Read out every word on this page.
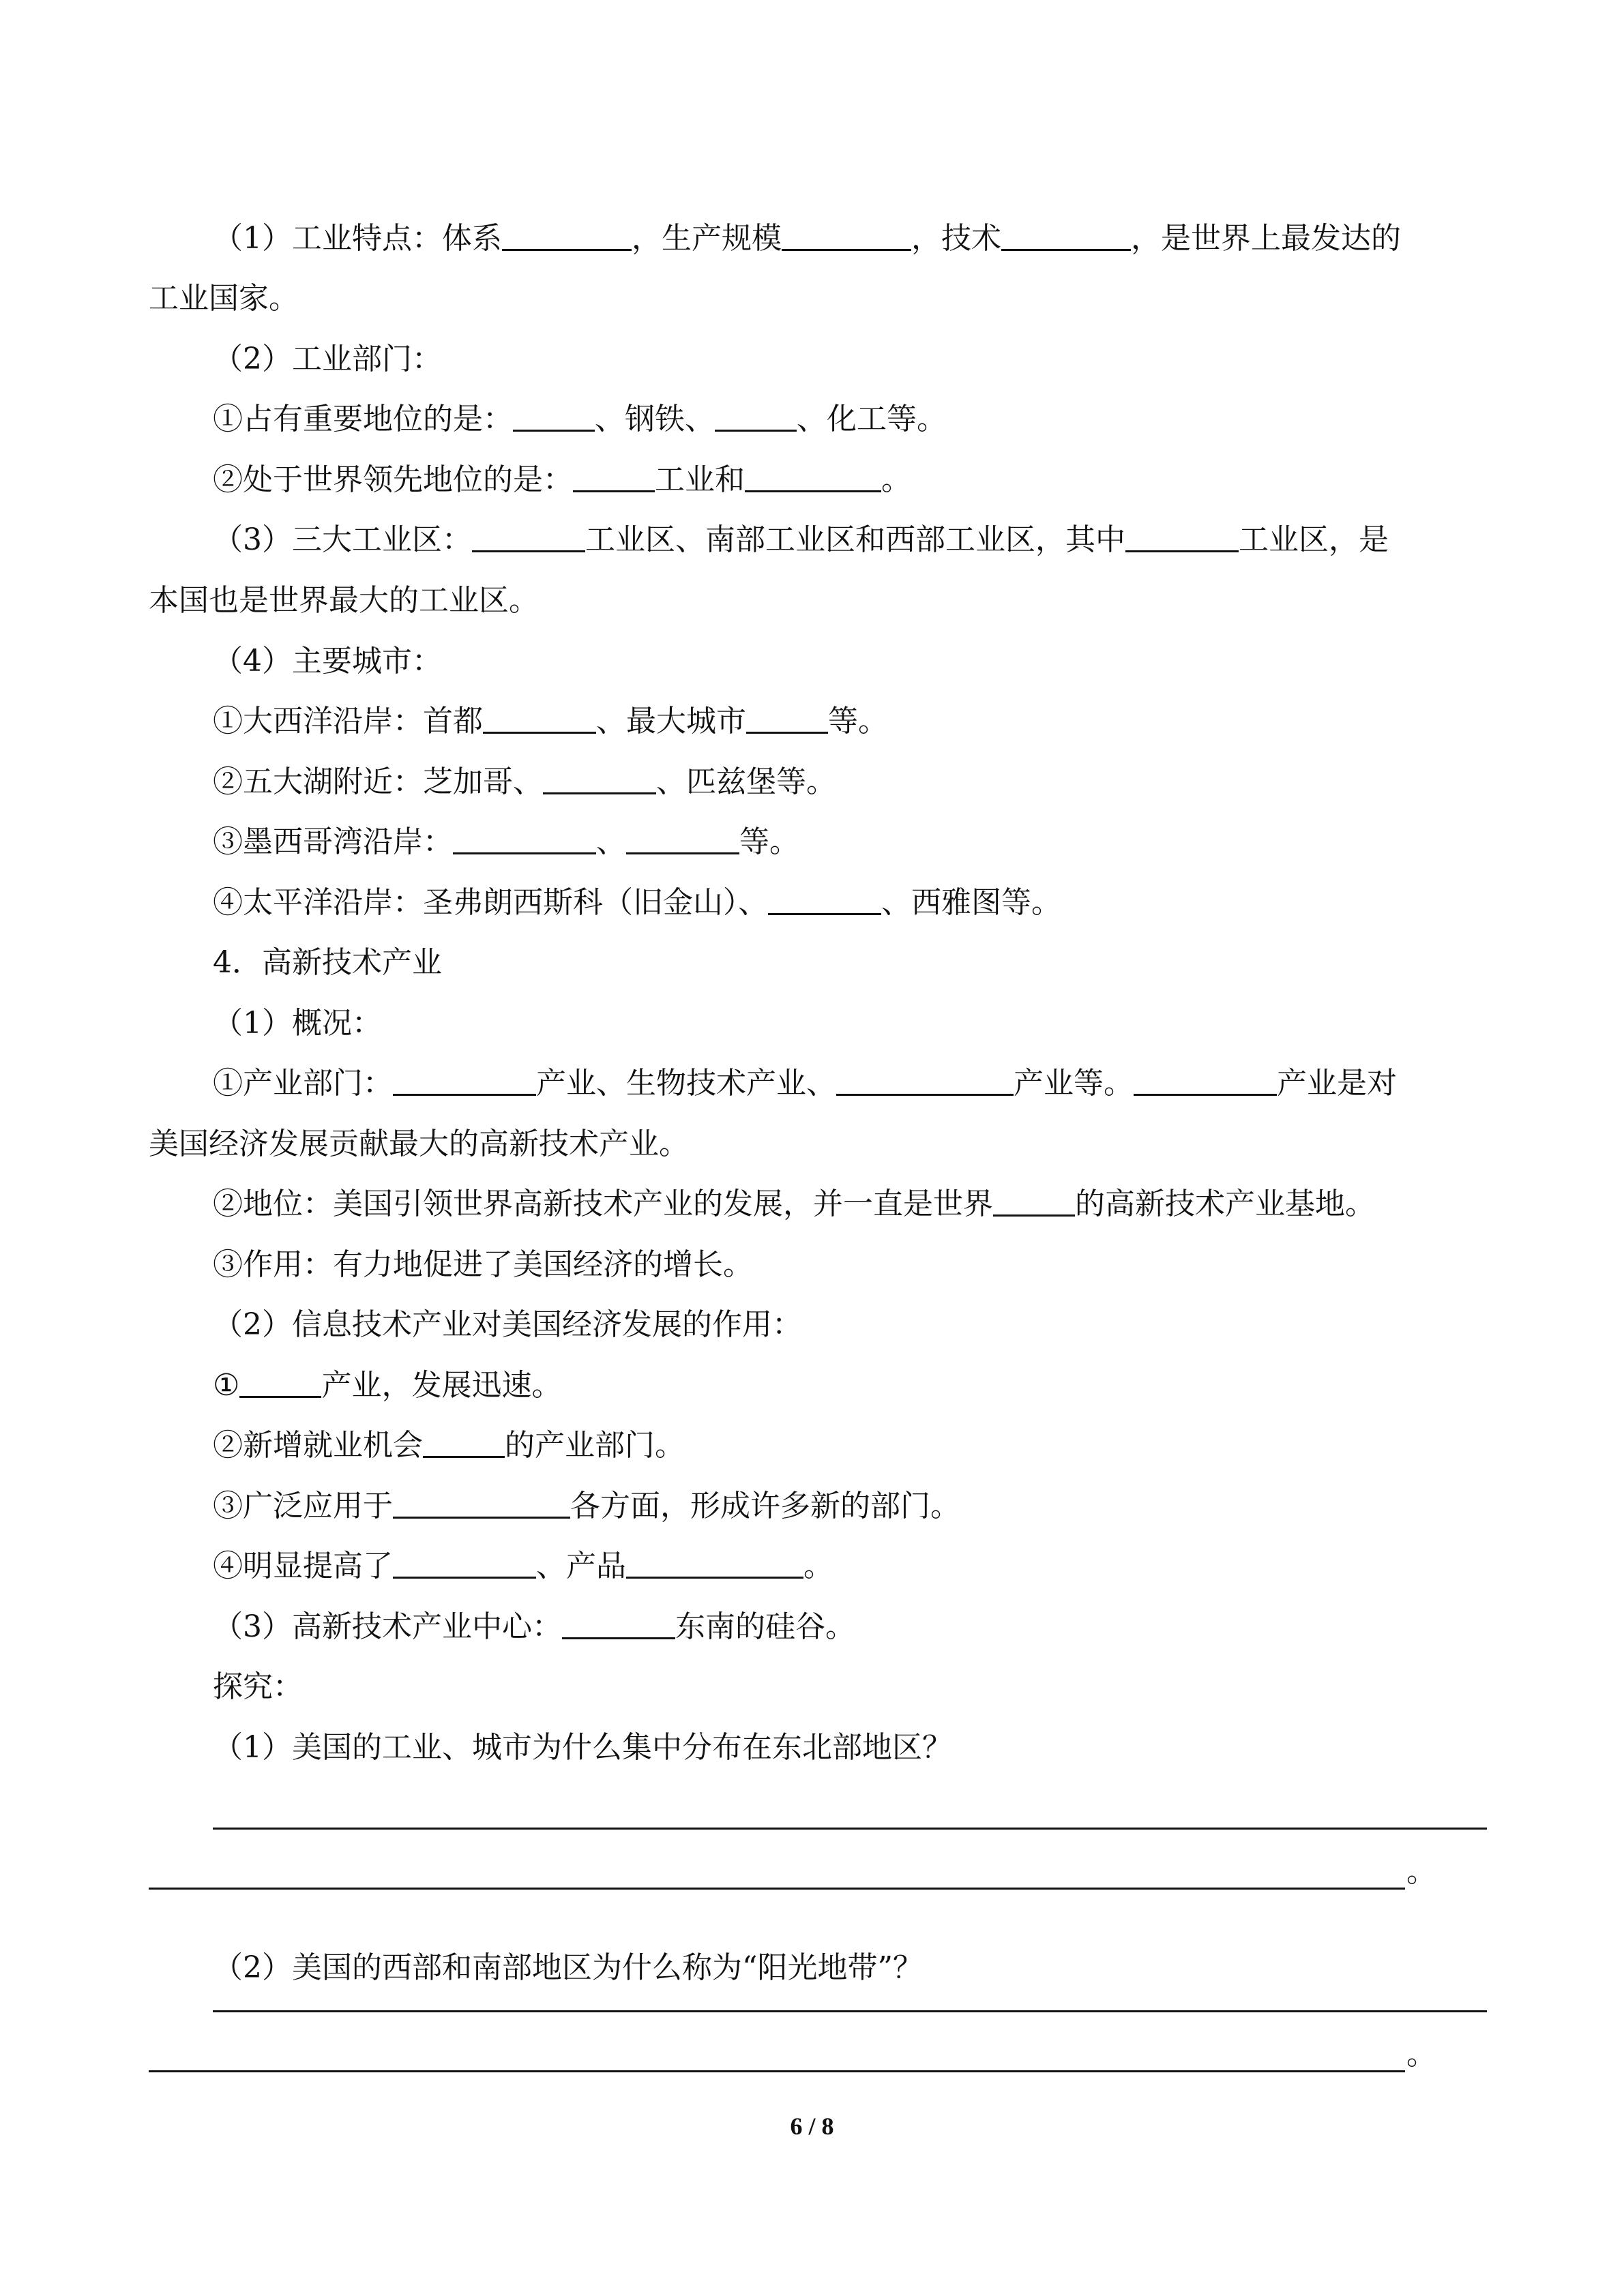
（1）工业特点：体系	，生产规模	，技术	，是世界上最发达的
工业国家。
（2）工业部门：
①占有重要地位的是：	、钢铁、	、化工等。
②处于世界领先地位的是：	工业和	。
（3）三大工业区：	工业区、南部工业区和西部工业区，其中	工业区，是
本国也是世界最大的工业区。
（4）主要城市：
①大西洋沿岸：首都	、最大城市	等。
②五大湖附近：芝加哥、	、匹兹堡等。
③墨西哥湾沿岸：	、	等。
④太平洋沿岸：圣弗朗西斯科（旧金山）、	、西雅图等。
4．高新技术产业
（1）概况：
①产业部门：	产业、生物技术产业、	产业等。	产业是对
美国经济发展贡献最大的高新技术产业。
②地位：美国引领世界高新技术产业的发展，并一直是世界	的高新技术产业基地。
③作用：有力地促进了美国经济的增长。
（2）信息技术产业对美国经济发展的作用：
①	产业，发展迅速。
②新增就业机会	的产业部门。
③广泛应用于	各方面，形成许多新的部门。
④明显提高了	、产品	。
（3）高新技术产业中心：	东南的硅谷。
探究：
（1）美国的工业、城市为什么集中分布在东北部地区？
。
（2）美国的西部和南部地区为什么称为“阳光地带”？
。
6 / 8
